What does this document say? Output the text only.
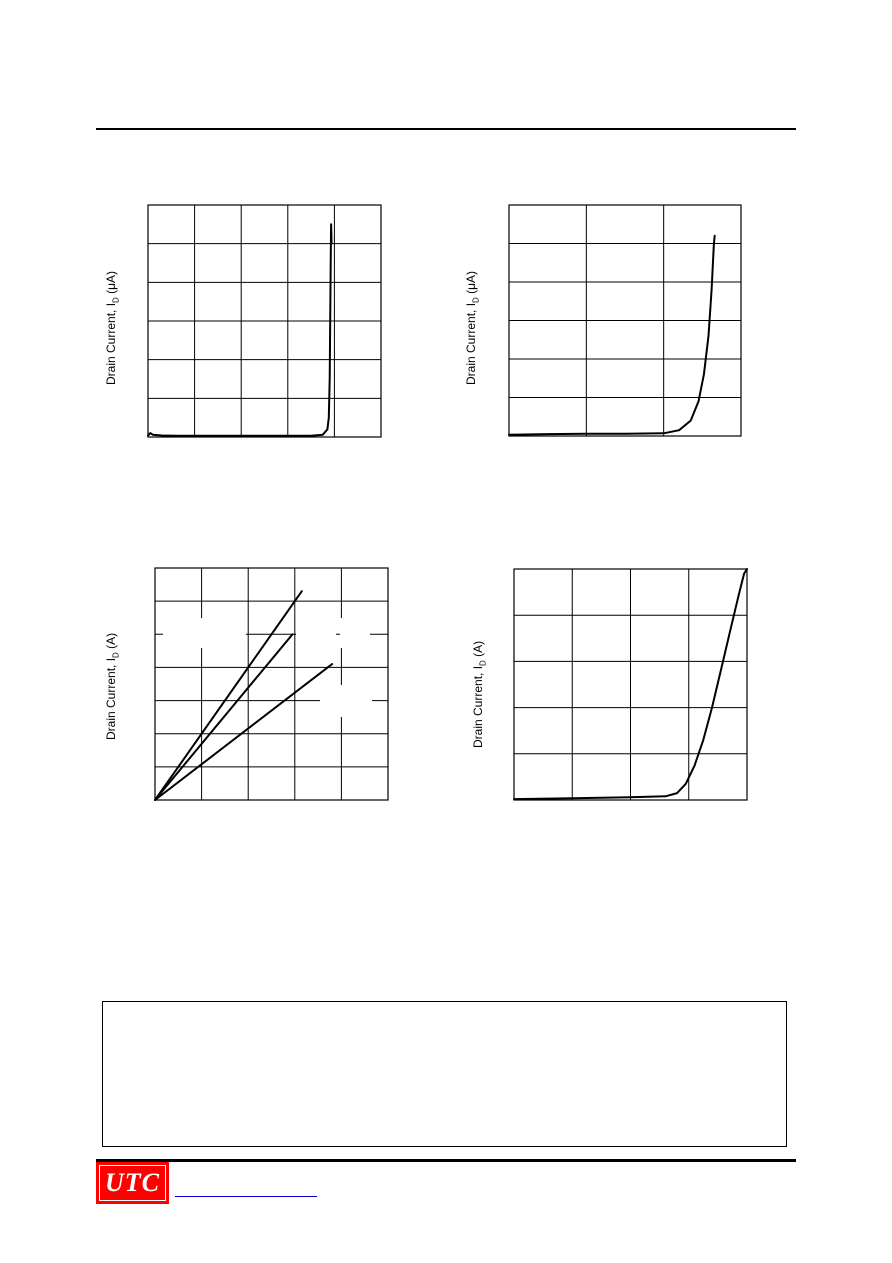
Drain Current, $I_D$ (μA)
Drain Current, $I_D$ (μA)
Drain Current, $I_D$ (A)
Drain Current, $I_D$ (A)
UTC
